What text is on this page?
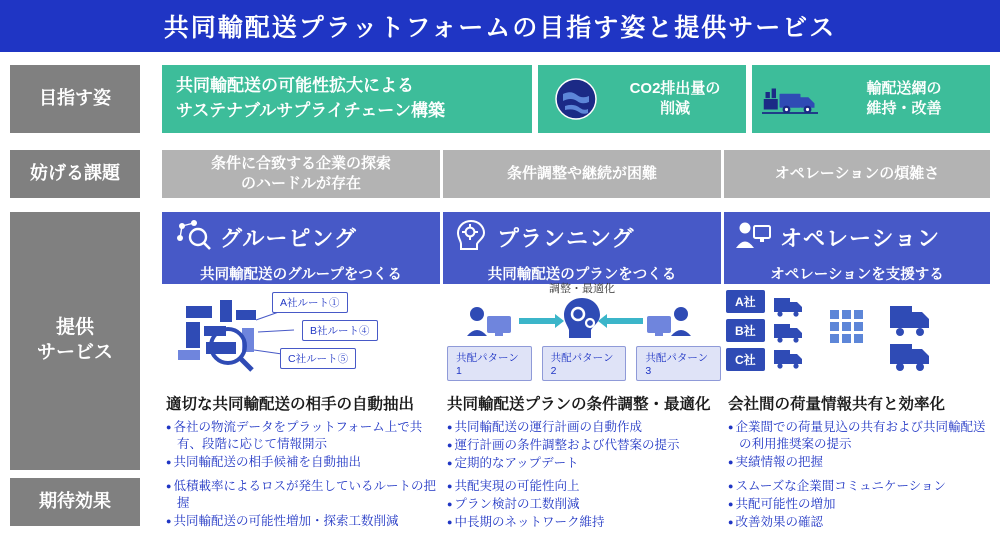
共同輸配送プラットフォームの目指す姿と提供サービス
目指す姿
妨げる課題
提供
サービス
期待効果
共同輸配送の可能性拡大による
サステナブルサプライチェーン構築
CO2排出量の
削減
輸配送網の
維持・改善
条件に合致する企業の探索
のハードルが存在
条件調整や継続が困難	オペレーションの煩雑さ
グルーピング
共同輸配送のグループをつくる
A社ルート①
B社ルート④
C社ルート⑤
適切な共同輸配送の相手の自動抽出
● 各社の物流データをプラットフォーム上で共有、段階に応じて情報開示
● 共同輸配送の相手候補を自動抽出
プランニング
共同輸配送のプランをつくる
調整・最適化
共配パターン1
共配パターン2
共配パターン3
共同輸配送プランの条件調整・最適化
● 共同輸配送の運行計画の自動作成
● 運行計画の条件調整および代替案の提示
● 定期的なアップデート
オペレーション
オペレーションを支援する
A社
B社
C社
会社間の荷量情報共有と効率化
● 企業間での荷量見込の共有および共同輸配送の利用推奨案の提示
● 実績情報の把握
● 低積載率によるロスが発生しているルートの把握
● 共同輸配送の可能性増加・探索工数削減
● 共配実現の可能性向上
● プラン検討の工数削減
● 中長期のネットワーク維持
● スムーズな企業間コミュニケーション
● 共配可能性の増加
● 改善効果の確認
